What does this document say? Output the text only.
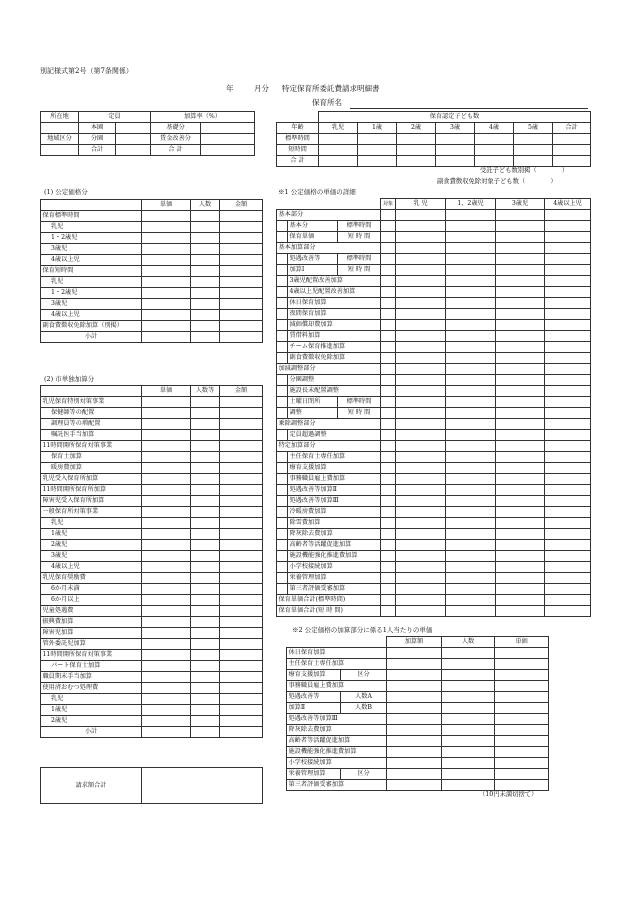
別記様式第2号（第7条関係）
年	月分 特定保育所委託費請求明細書
保育所名
所在地	定員		加算率（%）	
	本園		基礎分	
地域区分	分園		賃金改善分	
	合計		合 計	
	保育認定子ども数						
年齢	乳児	1歳	2歳	3歳	4歳	5歳	合計
標準時間							
短時間							
合 計							
受託子ども数別掲（　　　　）
副食費徴収免除対象子ども数（　　　　）
(1) 公定価格分
	単価	人数	金額
保育標準時間			
乳児			
1・2歳児			
3歳児			
4歳以上児			
保育短時間			
乳児			
1・2歳児			
3歳児			
4歳以上児			
副食費徴収免除加算（別掲）			
小計			
(2) 市単独加算分
	単価	人数等	金額
乳児保育特別対策事業			
保健師等の配置			
調理員等の増配置			
嘱託医手当加算			
11時間開所保育対策事業			
保育士加算			
暖房費加算			
乳児受入保育所加算			
11時間開所保育所加算			
障害児受入保育所加算			
一般保育所対策事業			
乳児			
1歳児			
2歳児			
3歳児			
4歳以上児			
乳児保育奨励費			
6か月未満			
6か月以上			
児童処遇費			
振興費加算			
障害児加算			
管外委託児加算			
11時間開所保育対策事業			
パート保育士加算			
職員期末手当加算			
使用済おむつ処理費			
乳児			
1歳児			
2歳児			
小計			
請求額合計	
※1 公定価格の単価の詳細
			対象	乳 児	1，2歳児	3歳児	4歳以上児
基本部分							
	基本分	標準時間					
	保育単価	短 時 間					
基本加算部分							
	処遇改善等	標準時間					
	加算Ⅰ	短 時 間					
	3歳児配置改善加算						
	4歳以上児配置改善加算						
	休日保育加算						
	夜間保育加算						
	減価償却費加算						
	賃借料加算						
	チーム保育推進加算						
	副食費徴収免除加算						
加減調整部分							
	分園調整						
	施設長未配置調整						
	土曜日閉所	標準時間					
	調整	短 時 間					
乗除調整部分							
	定員超過調整						
特定加算部分							
	主任保育士専任加算						
	療育支援加算						
	事務職員雇上費加算						
	処遇改善等加算Ⅱ						
	処遇改善等加算Ⅲ						
	冷暖房費加算						
	除雪費加算						
	降灰除去費加算						
	高齢者等活躍促進加算						
	施設機能強化推進費加算						
	小学校接続加算						
	栄養管理加算						
	第三者評価受審加算						
保育単価合計(標準時間)							
保育単価合計(短 時 間)							
※2 公定価格の加算部分に係る1人当たりの単価
		加算額	人数	単価
休日保育加算				
主任保育士専任加算				
療育支援加算	区分			
事務職員雇上費加算				
処遇改善等	人数A			
加算Ⅱ	人数B			
処遇改善等加算Ⅲ				
降灰除去費加算				
高齢者等活躍促進加算				
施設機能強化推進費加算				
小学校接続加算				
栄養管理加算	区分			
第三者評価受審加算				
（10円未満切捨て）
